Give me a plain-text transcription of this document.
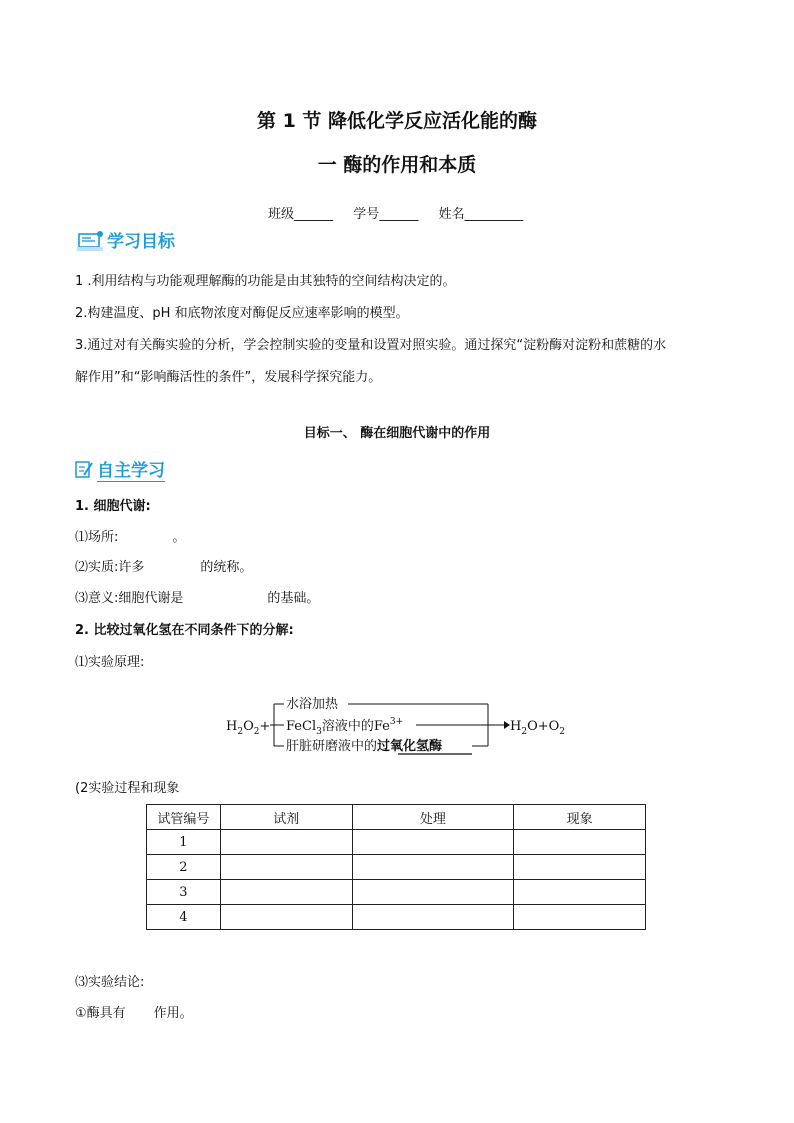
第 1 节 降低化学反应活化能的酶
一 酶的作用和本质
班级______ 学号______ 姓名_________
学习目标
1 .利用结构与功能观理解酶的功能是由其独特的空间结构决定的。
2.构建温度、pH 和底物浓度对酶促反应速率影响的模型。
3.通过对有关酶实验的分析，学会控制实验的变量和设置对照实验。通过探究“淀粉酶对淀粉和蔗糖的水
解作用”和“影响酶活性的条件”，发展科学探究能力。
目标一、 酶在细胞代谢中的作用
自主学习
1. 细胞代谢:
⑴场所:	。
⑵实质:许多	的统称。
⑶意义:细胞代谢是	的基础。
2. 比较过氧化氢在不同条件下的分解:
⑴实验原理:
$H_2O_2+$
水浴加热
FeCl$_3$溶液中的$Fe^{3+}$
肝脏研磨液中的过氧化氢酶
$H_2O+O_2$
(2实验过程和现象
试管编号	试剂	处理	现象
1			
2			
3			
4			
⑶实验结论:
①酶具有 作用。
